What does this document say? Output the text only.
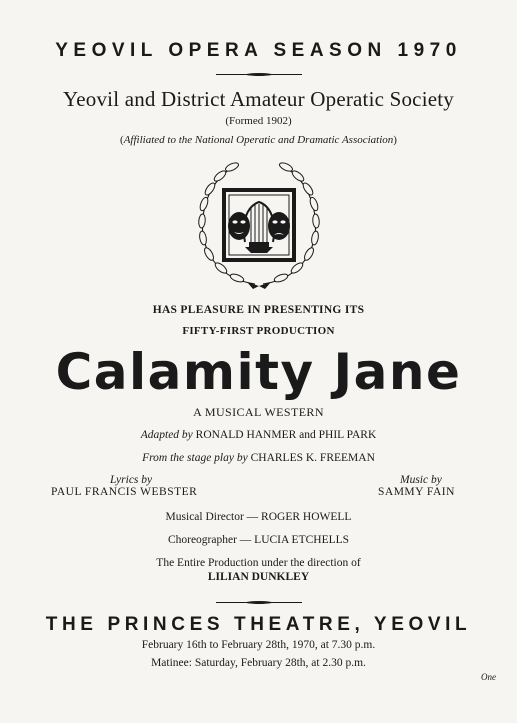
YEOVIL OPERA SEASON 1970
Yeovil and District Amateur Operatic Society
(Formed 1902)
(Affiliated to the National Operatic and Dramatic Association)
HAS PLEASURE IN PRESENTING ITS
FIFTY-FIRST PRODUCTION
Calamity Jane
A MUSICAL WESTERN
Adapted by RONALD HANMER and PHIL PARK
From the stage play by CHARLES K. FREEMAN
Lyrics by
PAUL FRANCIS WEBSTER
Music by
SAMMY FAIN
Musical Director — ROGER HOWELL
Choreographer — LUCIA ETCHELLS
The Entire Production under the direction of
LILIAN DUNKLEY
THE PRINCES THEATRE, YEOVIL
February 16th to February 28th, 1970, at 7.30 p.m.
Matinee: Saturday, February 28th, at 2.30 p.m.
One
